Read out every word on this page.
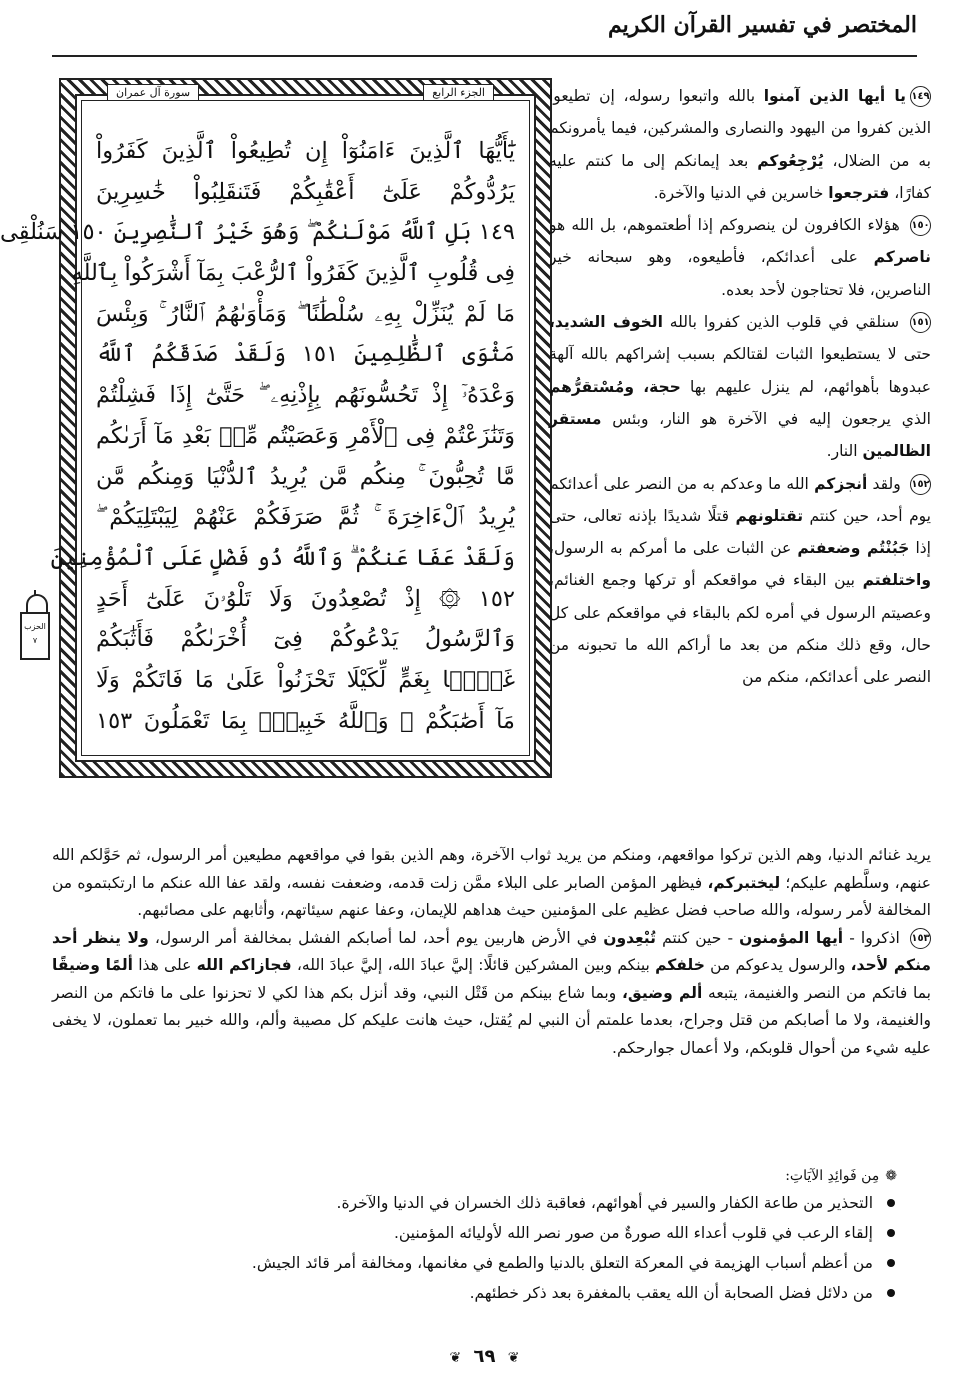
المختصر في تفسير القرآن الكريم
الجزء الرابع
سورة آل عمران
يَٰٓأَيُّهَا ٱلَّذِينَ ءَامَنُوٓاْ إِن تُطِيعُواْ ٱلَّذِينَ كَفَرُواْ
يَرُدُّوكُمْ عَلَىٰٓ أَعْقَٰبِكُمْ فَتَنقَلِبُواْ خَٰسِرِينَ
١٤٩ بَلِ ٱللَّهُ مَوْلَىٰكُمْ ۖ وَهُوَ خَيْرُ ٱلنَّٰصِرِينَ ١٥٠ سَنُلْقِى
فِى قُلُوبِ ٱلَّذِينَ كَفَرُواْ ٱلرُّعْبَ بِمَآ أَشْرَكُواْ بِٱللَّهِ
مَا لَمْ يُنَزِّلْ بِهِۦ سُلْطَٰنًا ۖ وَمَأْوَىٰهُمُ ٱلنَّارُ ۚ وَبِئْسَ
مَثْوَى ٱلظَّٰلِمِينَ ١٥١ وَلَقَدْ صَدَقَكُمُ ٱللَّهُ
وَعْدَهُۥٓ إِذْ تَحُسُّونَهُم بِإِذْنِهِۦ ۖ حَتَّىٰٓ إِذَا فَشِلْتُمْ
وَتَنَٰزَعْتُمْ فِى ٱلْأَمْرِ وَعَصَيْتُم مِّنۢ بَعْدِ مَآ أَرَىٰكُم
مَّا تُحِبُّونَ ۚ مِنكُم مَّن يُرِيدُ ٱلدُّنْيَا وَمِنكُم مَّن
يُرِيدُ ٱلْءَاخِرَةَ ۚ ثُمَّ صَرَفَكُمْ عَنْهُمْ لِيَبْتَلِيَكُمْ ۖ
وَلَقَدْ عَفَا عَنكُمْ ۗ وَٱللَّهُ ذُو فَضْلٍ عَلَى ٱلْمُؤْمِنِينَ
١٥٢ ۞ إِذْ تُصْعِدُونَ وَلَا تَلْوُۥنَ عَلَىٰٓ أَحَدٍ
وَٱلرَّسُولُ يَدْعُوكُمْ فِىٓ أُخْرَىٰكُمْ فَأَثَٰبَكُمْ
غَمًّۢا بِغَمٍّ لِّكَيْلَا تَحْزَنُواْ عَلَىٰ مَا فَاتَكُمْ وَلَا
مَآ أَصَٰبَكُمْ ۗ وَٱللَّهُ خَبِيرٌۢ بِمَا تَعْمَلُونَ ١٥٣
الحزب
٧

١٤٩يا أيها الذين آمنوا بالله واتبعوا رسوله، إن تطيعوا الذين كفروا من اليهود والنصارى والمشركين، فيما يأمرونكم به من الضلال، يُرْجِعُوكم بعد إيمانكم إلى ما كنتم عليه كفارًا، فترجعوا خاسرين في الدنيا والآخرة.

١٥٠ هؤلاء الكافرون لن ينصروكم إذا أطعتموهم، بل الله هو ناصركم على أعدائكم، فأطيعوه، وهو سبحانه خير الناصرين، فلا تحتاجون لأحد بعده.

١٥١ سنلقي في قلوب الذين كفروا بالله الخوف الشديد، حتى لا يستطيعوا الثبات لقتالكم بسبب إشراكهم بالله آلهة عبدوها بأهوائهم، لم ينزل عليهم بها حجة، ومُسْتقرُّهم الذي يرجعون إليه في الآخرة هو النار، وبئس مستقر الظالمين النار.

١٥٢ ولقد أنجزكم الله ما وعدكم به من النصر على أعدائكم يوم أحد، حين كنتم تقتلونهم قتلًا شديدًا بإذنه تعالى، حتى إذا جَبُنْتُم وضعفتم عن الثبات على ما أمركم به الرسول، واختلفتم بين البقاء في مواقعكم أو تركها وجمع الغنائم، وعصيتم الرسول في أمره لكم بالبقاء في مواقعكم على كل حال، وقع ذلك منكم من بعد ما أراكم الله ما تحبونه من النصر على أعدائكم، منكم من

يريد غنائم الدنيا، وهم الذين تركوا مواقعهم، ومنكم من يريد ثواب الآخرة، وهم الذين بقوا في مواقعهم مطيعين أمر الرسول، ثم حَوَّلكم الله عنهم، وسلَّطهم عليكم؛ ليختبركم، فيظهر المؤمن الصابر على البلاء ممَّن زلت قدمه، وضعفت نفسه، ولقد عفا الله عنكم ما ارتكبتموه من المخالفة لأمر رسوله، والله صاحب فضل عظيم على المؤمنين حيث هداهم للإيمان، وعفا عنهم سيئاتهم، وأثابهم على مصائبهم.

١٥٣ اذكروا - أيها المؤمنون - حين كنتم تُبْعِدون في الأرض هاربين يوم أحد، لما أصابكم الفشل بمخالفة أمر الرسول، ولا ينظر أحد منكم لأحد، والرسول يدعوكم من خلفكم بينكم وبين المشركين قائلًا: إليَّ عبادَ الله، إليَّ عبادَ الله، فجازاكم الله على هذا ألمًا وضيقًا بما فاتكم من النصر والغنيمة، يتبعه ألم وضيق، وبما شاع بينكم من قَتْل النبي، وقد أنزل بكم هذا لكي لا تحزنوا على ما فاتكم من النصر والغنيمة، ولا ما أصابكم من قتل وجراح، بعدما علمتم أن النبي لم يُقتل، حيث هانت عليكم كل مصيبة وألم، والله خبير بما تعملون، لا يخفى عليه شيء من أحوال قلوبكم، ولا أعمال جوارحكم.

❁
مِن فَوائِدِ الآيَاتِ:
التحذير من طاعة الكفار والسير في أهوائهم، فعاقبة ذلك الخسران في الدنيا والآخرة.
إلقاء الرعب في قلوب أعداء الله صورةٌ من صور نصر الله لأوليائه المؤمنين.
من أعظم أسباب الهزيمة في المعركة التعلق بالدنيا والطمع في مغانمها، ومخالفة أمر قائد الجيش.
من دلائل فضل الصحابة أن الله يعقب بالمغفرة بعد ذكر خطئهم.
❦ ٦٩ ❦
